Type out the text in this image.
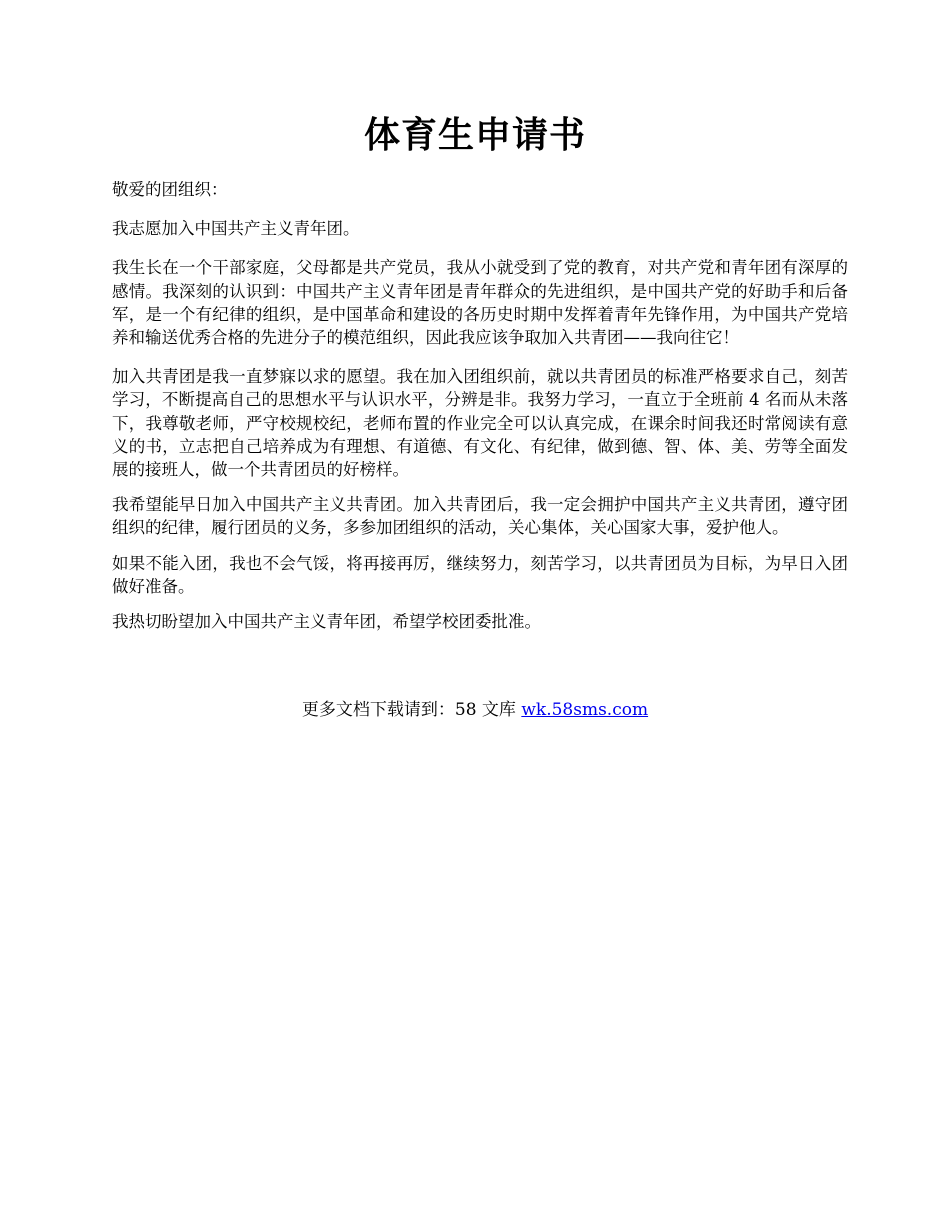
体育生申请书

敬爱的团组织：

我志愿加入中国共产主义青年团。

我生长在一个干部家庭，父母都是共产党员，我从小就受到了党的教育，对共产党和青年团有深厚的感情。我深刻的认识到：中国共产主义青年团是青年群众的先进组织，是中国共产党的好助手和后备军，是一个有纪律的组织，是中国革命和建设的各历史时期中发挥着青年先锋作用，为中国共产党培养和输送优秀合格的先进分子的模范组织，因此我应该争取加入共青团——我向往它！

加入共青团是我一直梦寐以求的愿望。我在加入团组织前，就以共青团员的标准严格要求自己，刻苦学习，不断提高自己的思想水平与认识水平，分辨是非。我努力学习，一直立于全班前 4 名而从未落下，我尊敬老师，严守校规校纪，老师布置的作业完全可以认真完成，在课余时间我还时常阅读有意义的书，立志把自己培养成为有理想、有道德、有文化、有纪律，做到德、智、体、美、劳等全面发展的接班人，做一个共青团员的好榜样。

我希望能早日加入中国共产主义共青团。加入共青团后，我一定会拥护中国共产主义共青团，遵守团组织的纪律，履行团员的义务，多参加团组织的活动，关心集体，关心国家大事，爱护他人。

如果不能入团，我也不会气馁，将再接再厉，继续努力，刻苦学习，以共青团员为目标，为早日入团做好准备。

我热切盼望加入中国共产主义青年团，希望学校团委批准。

更多文档下载请到：58 文库 wk.58sms.com
